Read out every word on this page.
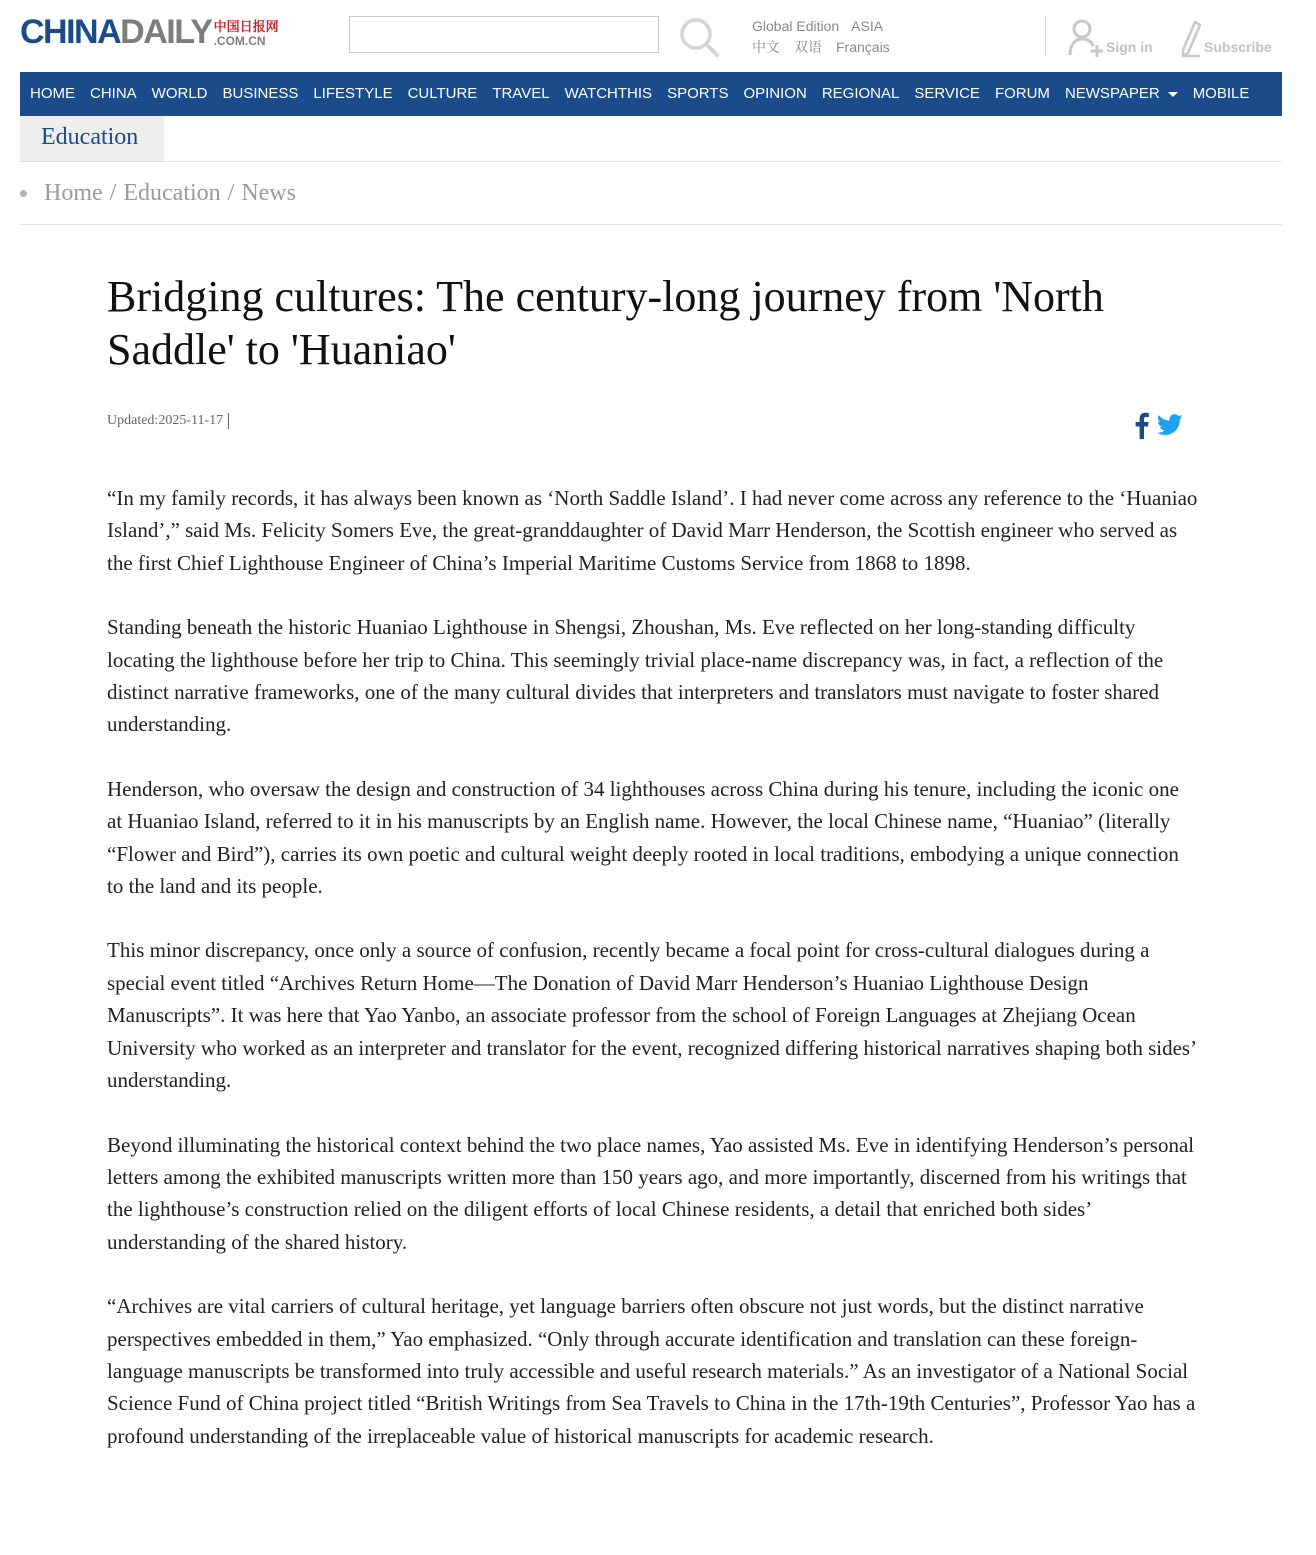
CHINA DAILY 中国日报网
.COM.CN
Global Edition ASIA
中文 双语 Français	Sign in	Subscribe
HOME	CHINA	WORLD	BUSINESS	LIFESTYLE	CULTURE	TRAVEL	WATCHTHIS	SPORTS	OPINION	REGIONAL	SERVICE	FORUM	NEWSPAPER	MOBILE
Education
Home / Education / News
Bridging cultures: The century-long journey from 'North Saddle' to 'Huaniao'
Updated:2025-11-17

“In my family records, it has always been known as ‘North Saddle Island’. I had never come across any reference to the ‘Huaniao Island’,” said Ms. Felicity Somers Eve, the great-granddaughter of David Marr Henderson, the Scottish engineer who served as the first Chief Lighthouse Engineer of China’s Imperial Maritime Customs Service from 1868 to 1898.

Standing beneath the historic Huaniao Lighthouse in Shengsi, Zhoushan, Ms. Eve reflected on her long-standing difficulty locating the lighthouse before her trip to China. This seemingly trivial place-name discrepancy was, in fact, a reflection of the distinct narrative frameworks, one of the many cultural divides that interpreters and translators must navigate to foster shared understanding.

Henderson, who oversaw the design and construction of 34 lighthouses across China during his tenure, including the iconic one at Huaniao Island, referred to it in his manuscripts by an English name. However, the local Chinese name, “Huaniao” (literally “Flower and Bird”), carries its own poetic and cultural weight deeply rooted in local traditions, embodying a unique connection to the land and its people.

This minor discrepancy, once only a source of confusion, recently became a focal point for cross-cultural dialogues during a special event titled “Archives Return Home—The Donation of David Marr Henderson’s Huaniao Lighthouse Design Manuscripts”. It was here that Yao Yanbo, an associate professor from the school of Foreign Languages at Zhejiang Ocean University who worked as an interpreter and translator for the event, recognized differing historical narratives shaping both sides’ understanding.

Beyond illuminating the historical context behind the two place names, Yao assisted Ms. Eve in identifying Henderson’s personal letters among the exhibited manuscripts written more than 150 years ago, and more importantly, discerned from his writings that the lighthouse’s construction relied on the diligent efforts of local Chinese residents, a detail that enriched both sides’ understanding of the shared history.

“Archives are vital carriers of cultural heritage, yet language barriers often obscure not just words, but the distinct narrative perspectives embedded in them,” Yao emphasized. “Only through accurate identification and translation can these foreign-language manuscripts be transformed into truly accessible and useful research materials.” As an investigator of a National Social Science Fund of China project titled “British Writings from Sea Travels to China in the 17th-19th Centuries”, Professor Yao has a profound understanding of the irreplaceable value of historical manuscripts for academic research.
